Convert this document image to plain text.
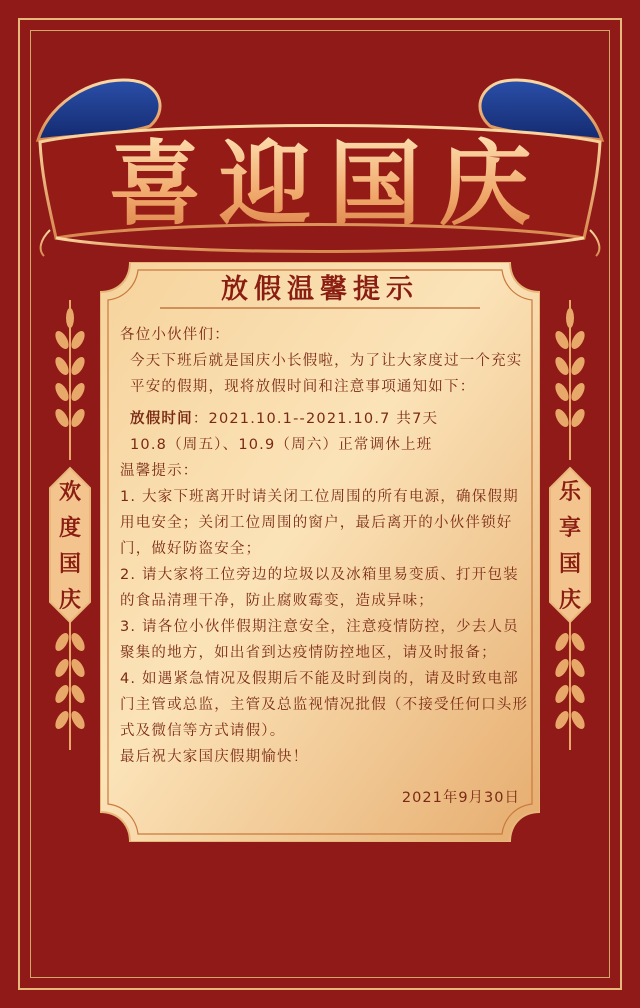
喜迎国庆
放假温馨提示

各位小伙伴们：

今天下班后就是国庆小长假啦，为了让大家度过一个充实平安的假期，现将放假时间和注意事项通知如下：

放假时间：2021.10.1--2021.10.7 共7天

10.8（周五）、10.9（周六）正常调休上班

温馨提示：

1. 大家下班离开时请关闭工位周围的所有电源，确保假期用电安全；关闭工位周围的窗户，最后离开的小伙伴锁好门，做好防盗安全；

2. 请大家将工位旁边的垃圾以及冰箱里易变质、打开包装的食品清理干净，防止腐败霉变，造成异味；

3. 请各位小伙伴假期注意安全，注意疫情防控，少去人员聚集的地方，如出省到达疫情防控地区，请及时报备；

4. 如遇紧急情况及假期后不能及时到岗的，请及时致电部门主管或总监，主管及总监视情况批假（不接受任何口头形式及微信等方式请假）。

最后祝大家国庆假期愉快！

2021年9月30日
欢
度
国
庆
乐
享
国
庆
